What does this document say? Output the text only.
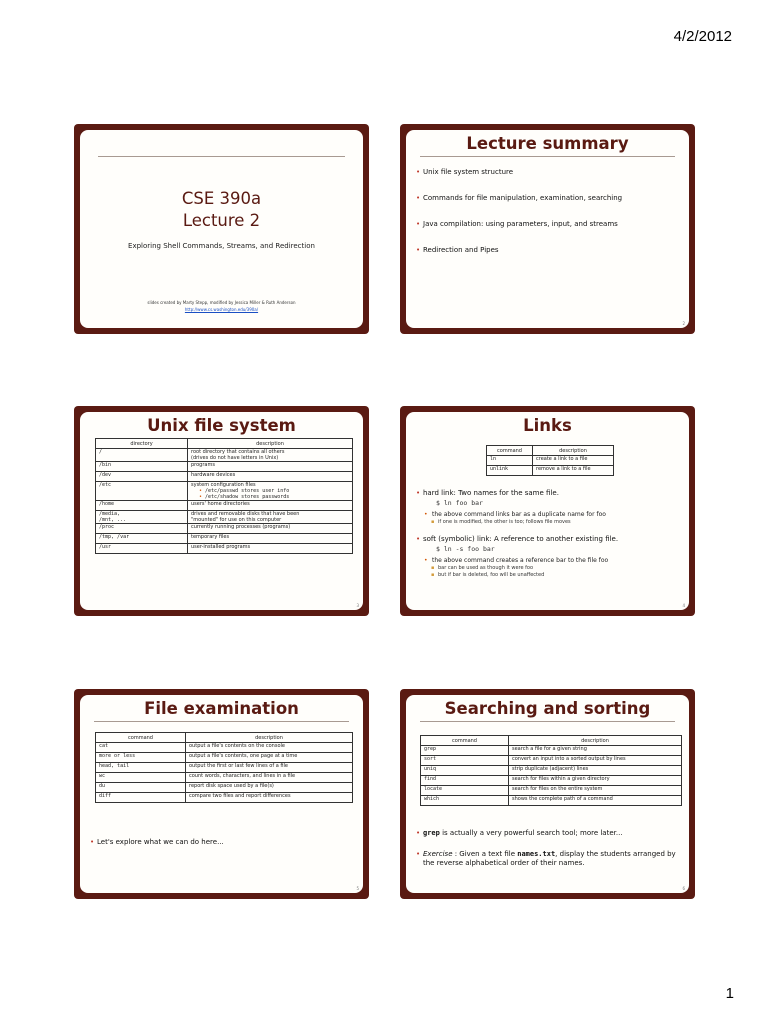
4/2/2012
CSE 390a
Lecture 2
Exploring Shell Commands, Streams, and Redirection
slides created by Marty Stepp, modified by Jessica Miller & Ruth Anderson
http://www.cs.washington.edu/390a/
Lecture summary
• Unix file system structure
• Commands for file manipulation, examination, searching
• Java compilation: using parameters, input, and streams
• Redirection and Pipes
2
Unix file system
directory	description
/	root directory that contains all others
(drives do not have letters in Unix)

/bin	programs
/dev	hardware devices
/etc	system configuration files
• /etc/passwd stores user info
• /etc/shadow stores passwords

/home	users' home directories

/media,
/mnt, ...	drives and removable disks that have been
"mounted" for use on this computer

/proc	currently running processes (programs)
/tmp, /var	temporary files
/usr	user-installed programs
3
Links
command	description
ln	create a link to a file
unlink	remove a link to a file
• hard link: Two names for the same file.
$ ln foo bar
• the above command links bar as a duplicate name for foo
▪ if one is modified, the other is too; follows file moves
• soft (symbolic) link: A reference to another existing file.
$ ln -s foo bar
• the above command creates a reference bar to the file foo
▪ bar can be used as though it were foo
▪ but if bar is deleted, foo will be unaffected
4
File examination
command	description
cat	output a file's contents on the console
more or less	output a file's contents, one page at a time
head, tail	output the first or last few lines of a file
wc	count words, characters, and lines in a file
du	report disk space used by a file(s)
diff	compare two files and report differences
• Let's explore what we can do here...
5
Searching and sorting
command	description
grep	search a file for a given string
sort	convert an input into a sorted output by lines
uniq	strip duplicate (adjacent) lines
find	search for files within a given directory
locate	search for files on the entire system
which	shows the complete path of a command
• grep is actually a very powerful search tool; more later...
• Exercise : Given a text file names.txt, display the students arranged by the reverse alphabetical order of their names.
6
1
